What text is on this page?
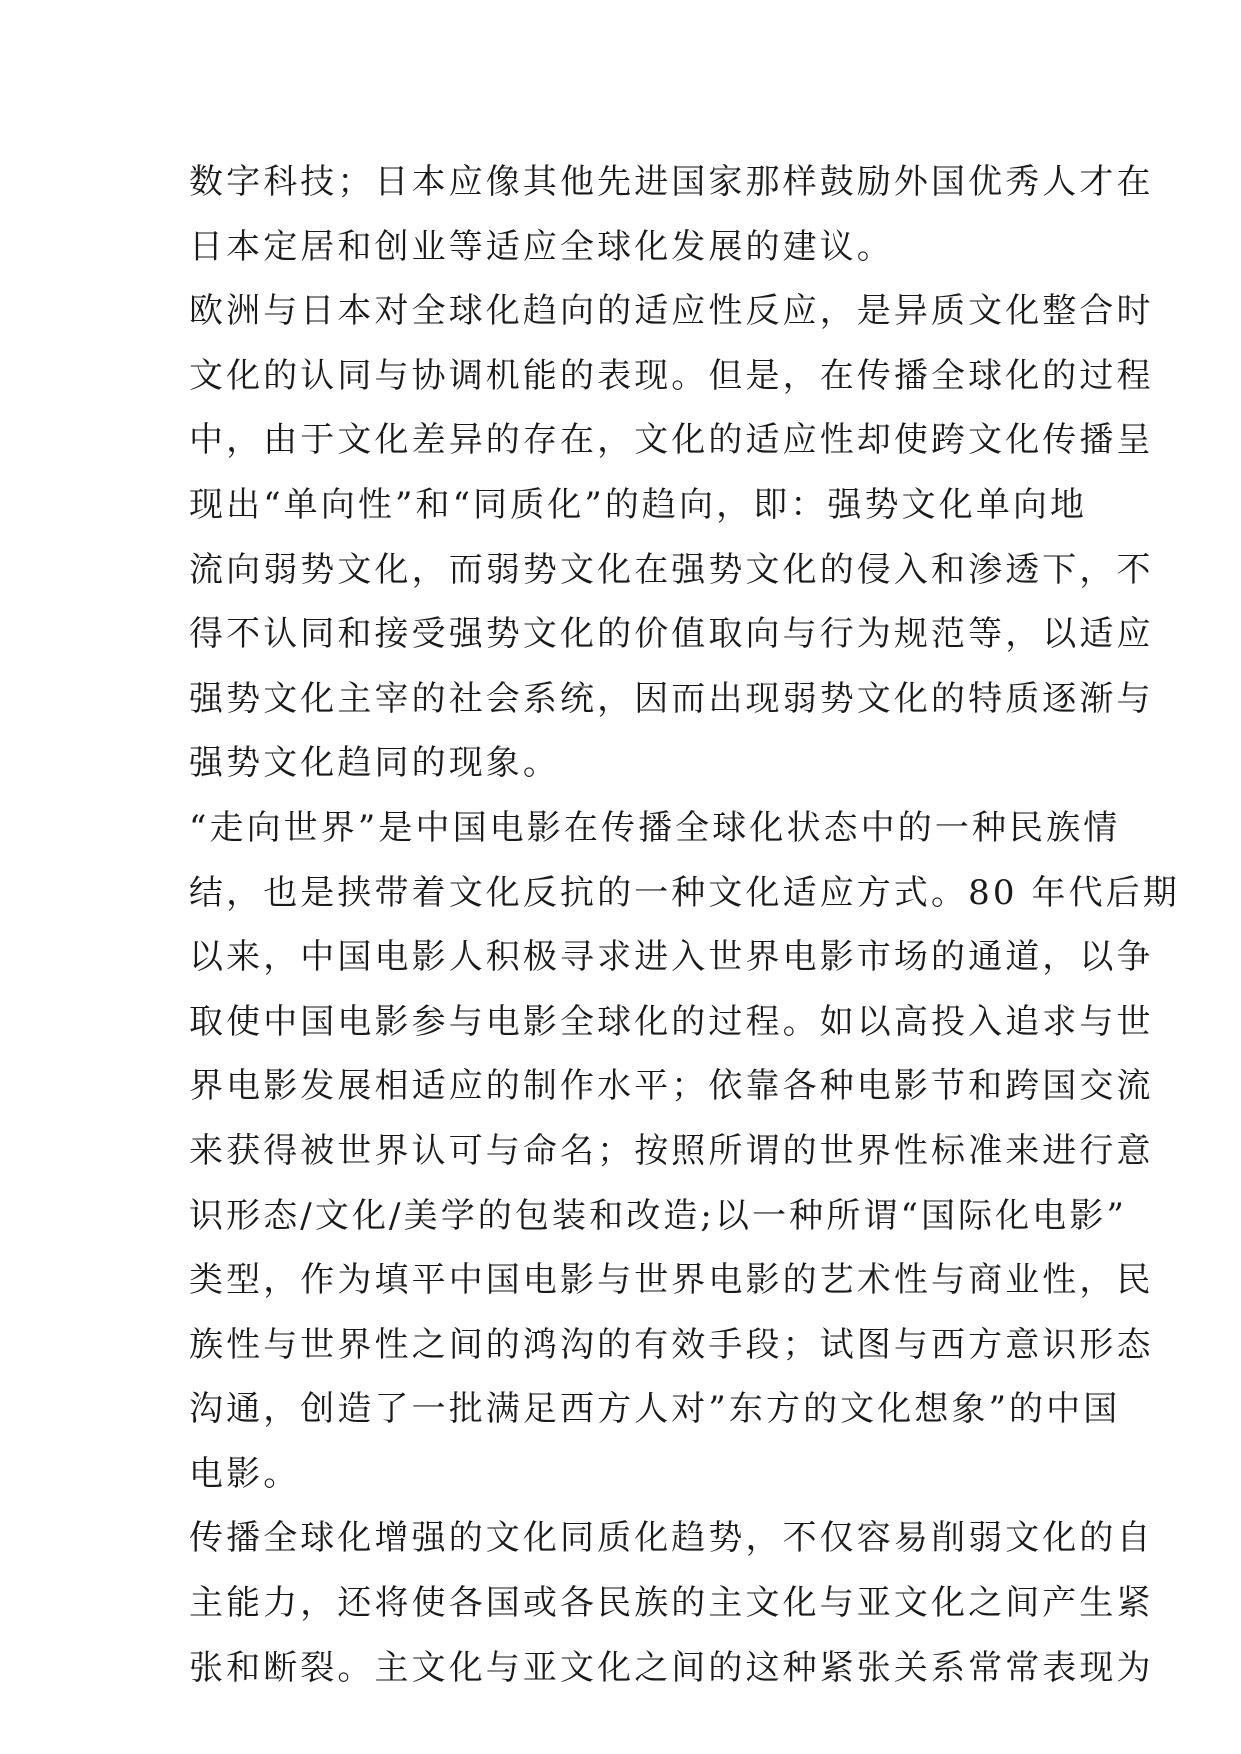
数字科技；日本应像其他先进国家那样鼓励外国优秀人才在
日本定居和创业等适应全球化发展的建议。
欧洲与日本对全球化趋向的适应性反应，是异质文化整合时
文化的认同与协调机能的表现。但是，在传播全球化的过程
中，由于文化差异的存在，文化的适应性却使跨文化传播呈
现出“单向性”和“同质化”的趋向，即：强势文化单向地
流向弱势文化，而弱势文化在强势文化的侵入和渗透下，不
得不认同和接受强势文化的价值取向与行为规范等，以适应
强势文化主宰的社会系统，因而出现弱势文化的特质逐渐与
强势文化趋同的现象。
“走向世界”是中国电影在传播全球化状态中的一种民族情
结，也是挟带着文化反抗的一种文化适应方式。80 年代后期
以来，中国电影人积极寻求进入世界电影市场的通道，以争
取使中国电影参与电影全球化的过程。如以高投入追求与世
界电影发展相适应的制作水平；依靠各种电影节和跨国交流
来获得被世界认可与命名；按照所谓的世界性标准来进行意
识形态/文化/美学的包装和改造;以一种所谓“国际化电影”
类型，作为填平中国电影与世界电影的艺术性与商业性，民
族性与世界性之间的鸿沟的有效手段；试图与西方意识形态
沟通，创造了一批满足西方人对”东方的文化想象”的中国
电影。
传播全球化增强的文化同质化趋势，不仅容易削弱文化的自
主能力，还将使各国或各民族的主文化与亚文化之间产生紧
张和断裂。主文化与亚文化之间的这种紧张关系常常表现为
